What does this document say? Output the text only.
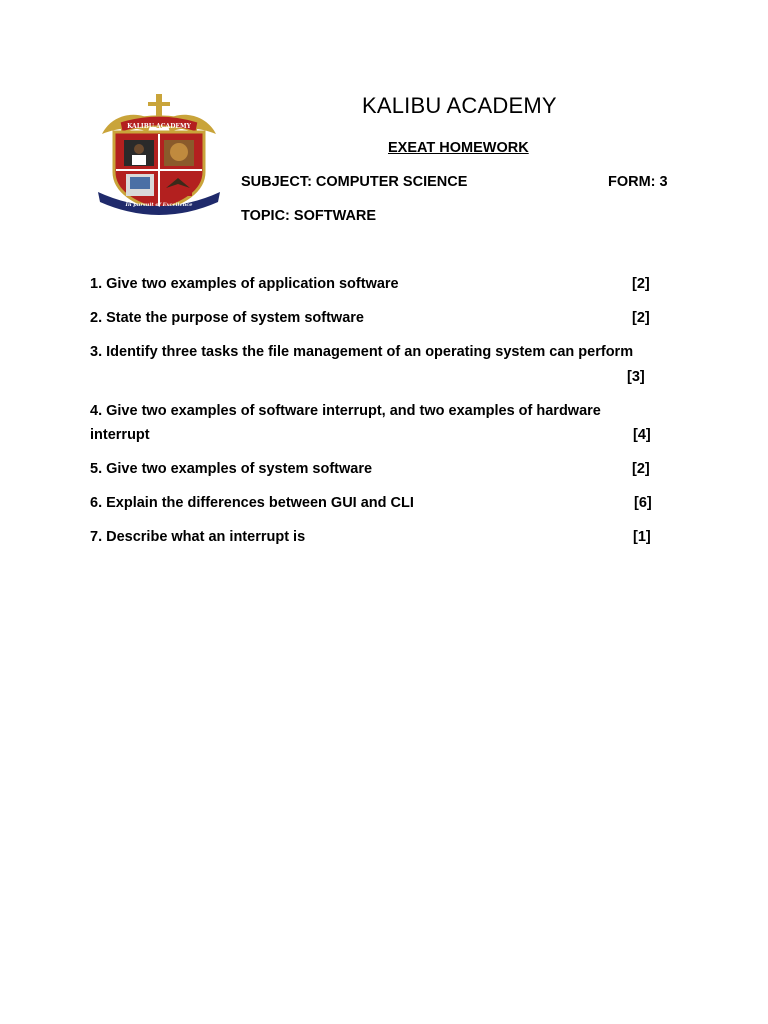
KALIBU ACADEMY
In pursuit of Excellence
KALIBU ACADEMY
EXEAT HOMEWORK
SUBJECT: COMPUTER SCIENCE	FORM: 3
TOPIC: SOFTWARE
1. Give two examples of application software	[2]
2. State the purpose of system software	[2]
3. Identify three tasks the file management of an operating system can perform
[3]
4. Give two examples of software interrupt, and two examples of hardware
interrupt	[4]
5. Give two examples of system software	[2]
6. Explain the differences between GUI and CLI	[6]
7. Describe what an interrupt is	[1]
